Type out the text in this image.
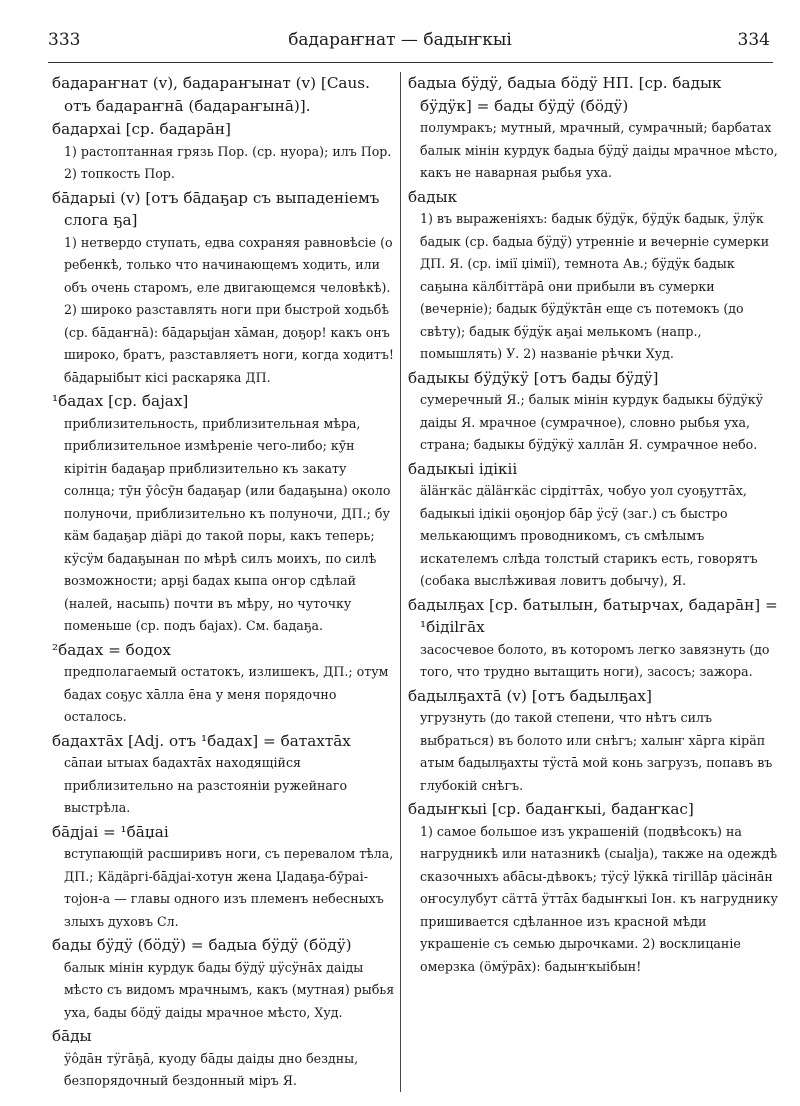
333	бадараҥнат — бадыҥкыі	334

бадараҥнат (v), бадараҥынат (v) [Caus. отъ бадараҥнā (бадараҥынā)].

бадархаі [ср. бадарāн]

1) растоптанная грязь Пор. (ср. нуора); илъ Пор. 2) топкость Пор.

бāдарыі (v) [отъ бāдаҕар съ выпаденіемъ слога ҕа]

1) нетвердо ступать, едва сохраняя равновѣсіе (о ребенкѣ, только что начинающемъ ходить, или объ очень старомъ, еле двигающемся человѣкѣ). 2) широко разставлять ноги при быстрой ходьбѣ (ср. бāдаҥнā): бāдарыјан хāман, доҕор! какъ онъ широко, братъ, разставляетъ ноги, когда ходитъ! бāдарыібыт кісі раскаряка ДП.

¹бадах [ср. бајах]

приблизительность, приблизительная мѣра, приблизительное измѣреніе чего-либо; кӯн кірітін бадаҕар приблизительно къ закату солнца; тӯн ӯôсӯн бадаҕар (или бадаҕына) около полуночи, приблизительно къ полуночи, ДП.; бу кӓм бадаҕар діäрі до такой поры, какъ теперь; кӱсӱм бадаҕынан по мѣрѣ силъ моихъ, по силѣ возможности; арҕі бадах кыпа оҥор сдѣлай (налей, насыпь) почти въ мѣру, но чуточку поменьше (ср. подъ бајах). См. бадаҕа.

²бадах = бодох

предполагаемый остатокъ, излишекъ, ДП.; отум бадах соҕус хāлла ēна у меня порядочно осталось.

бадахтāх [Adj. отъ ¹бадах] = батахтāх

сāпаи ытыах бадахтāх находящійся приблизительно на разстояніи ружейнаго выстрѣла.

бāдјаі = ¹бāџаі

вступающій расширивъ ноги, съ перевалом тѣла, ДП.; Кäдäргі-бāдјаі-хотун жена Џадаҕа-бӯраі-тојон-а — главы одного изъ племенъ небесныхъ злыхъ духовъ Сл.

бады бӱдӱ (бӧдӱ) = бадыа бӱдӱ (бӧдӱ)

балык мінін курдук бады бӱдӱ џӱсӱнāх даіды мѣсто съ видомъ мрачнымъ, какъ (мутная) рыбья уха, бады бӧдӱ даіды мрачное мѣсто, Худ.

бāды

ӱôдāн тӱгāҕā, куоду бāды даіды дно бездны, безпорядочный бездонный міръ Я.

бадыа бӱдӱ, бадыа бӧдӱ НП. [ср. бадык бӱдӱк] = бады бӱдӱ (бӧдӱ)

полумракъ; мутный, мрачный, сумрачный; барбатах балык мінін курдук бадыа бӱдӱ даіды мрачное мѣсто, какъ не наварная рыбья уха.

бадык

1) въ выраженіяхъ: бадык бӱдӱк, бӱдӱк бадык, ӱлӱк бадык (ср. бадыа бӱдӱ) утренніе и вечерніе сумерки ДП. Я. (ср. імії џімії), темнота Ав.; бӱдӱк бадык саҕына кäлбіттäрā они прибыли въ сумерки (вечерніе); бадык бӱдӱктāн еще съ потемокъ (до свѣту); бадык бӱдӱк аҕаі мелькомъ (напр., помышлять) У. 2) названіе рѣчки Худ.

бадыкы бӱдӱкӱ [отъ бады бӱдӱ]

сумеречный Я.; балык мінін курдук бадыкы бӱдӱкӱ даіды Я. мрачное (сумрачное), словно рыбья уха, страна; бадыкы бӱдӱкӱ халлāн Я. сумрачное небо.

бадыкыі ідікіі

äläҥкäс дäläҥкäс сірдіттāх, чобуо уол суоҕуттāх, бадыкыі ідікіі оҕонјор бāр ӱсӱ (заг.) съ быстро мелькающимъ проводникомъ, съ смѣлымъ искателемъ слѣда толстый старикъ есть, говорятъ (собака выслѣживая ловитъ добычу), Я.

бадылҕах [ср. батылын, батырчах, бадарāн] = ¹бідіlгāх

засосчевое болото, въ которомъ легко завязнуть (до того, что трудно вытащить ноги), засосъ; зажора.

бадылҕахтā (v) [отъ бадылҕах]

угрузнуть (до такой степени, что нѣтъ силъ выбраться) въ болото или снѣгъ; халыҥ хāрга кірäп атым бадылҕахты тӱстā мой конь загрузъ, попавъ въ глубокій снѣгъ.

бадыҥкыі [ср. бадаҥкыі, бадаҥкас]

1) самое большое изъ украшеній (подвѣсокъ) на нагрудникѣ или натазникѣ (сыаlја), также на одеждѣ сказочныхъ абāсы-дѣвокъ; тӱсӱ lӱккā тігіllāр џäсінāн оҥосулубут сäттā ӱттāх бадыҥкыі Іон. къ нагруднику пришивается сдѣланное изъ красной мѣди украшеніе съ семью дырочками. 2) восклицаніе омерзка (öмӱрāх): бадыҥкыібын!
